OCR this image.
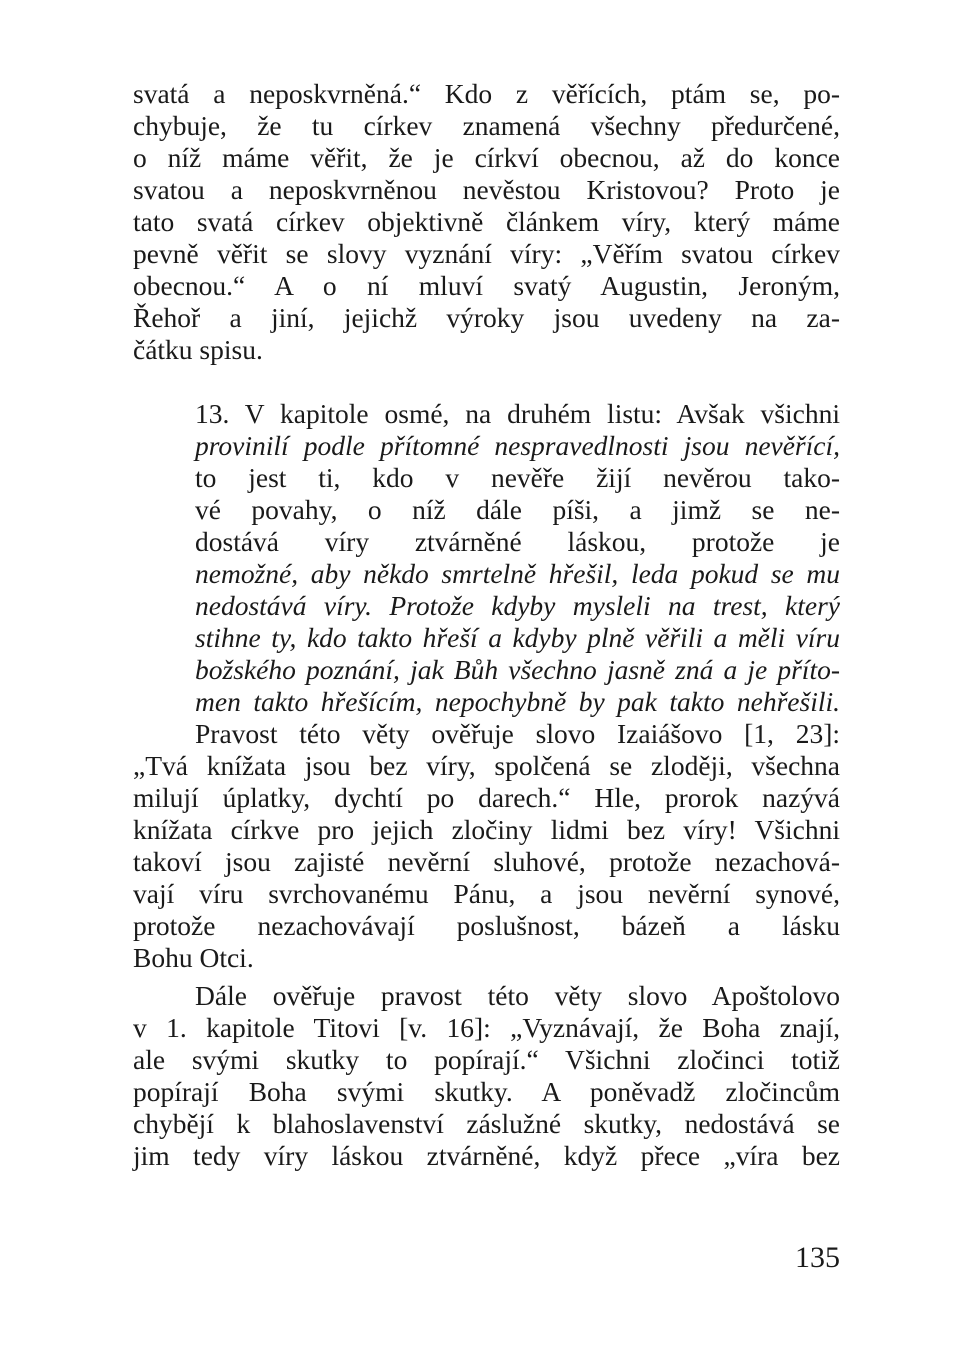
svatá a neposkvrněná.“ Kdo z věřících, ptám se, po-
chybuje, že tu církev znamená všechny předurčené,
o níž máme věřit, že je církví obecnou, až do konce
svatou a neposkvrněnou nevěstou Kristovou? Proto je
tato svatá církev objektivně článkem víry, který máme
pevně věřit se slovy vyznání víry: „Věřím svatou církev
obecnou.“ A o ní mluví svatý Augustin, Jeroným,
Řehoř a jiní, jejichž výroky jsou uvedeny na za-
čátku spisu.
13. V kapitole osmé, na druhém listu: Avšak všichni
provinilí podle přítomné nespravedlnosti jsou nevěřící,
to jest ti, kdo v nevěře žijí nevěrou tako-
vé povahy, o níž dále píši, a jimž se ne-
dostává víry ztvárněné láskou, protože je
nemožné, aby někdo smrtelně hřešil, leda pokud se mu
nedostává víry. Protože kdyby mysleli na trest, který
stihne ty, kdo takto hřeší a kdyby plně věřili a měli víru
božského poznání, jak Bůh všechno jasně zná a je příto-
men takto hřešícím, nepochybně by pak takto nehřešili.
Pravost této věty ověřuje slovo Izaiášovo [1, 23]:
„Tvá knížata jsou bez víry, spolčená se zloději, všechna
milují úplatky, dychtí po darech.“ Hle, prorok nazývá
knížata církve pro jejich zločiny lidmi bez víry! Všichni
takoví jsou zajisté nevěrní sluhové, protože nezachová-
vají víru svrchovanému Pánu, a jsou nevěrní synové,
protože nezachovávají poslušnost, bázeň a lásku
Bohu Otci.
Dále ověřuje pravost této věty slovo Apoštolovo
v 1. kapitole Titovi [v. 16]: „Vyznávají, že Boha znají,
ale svými skutky to popírají.“ Všichni zločinci totiž
popírají Boha svými skutky. A poněvadž zločincům
chybějí k blahoslavenství záslužné skutky, nedostává se
jim tedy víry láskou ztvárněné, když přece „víra bez
135
